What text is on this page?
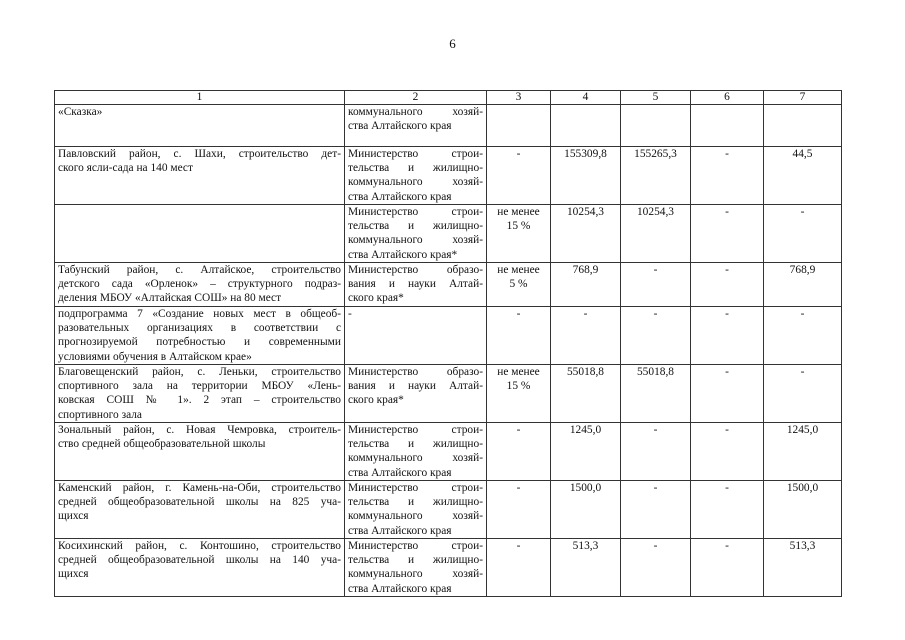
6
1	2	3	4	5	6	7

«Сказка»	коммунального хозяй-
ства Алтайского края					

Павловский район, с. Шахи, строительство дет-
ского ясли-сада на 140 мест	Министерство строи-
тельства и жилищно-
коммунального хозяй-
ства Алтайского края	-	155309,8	155265,3	-	44,5

	Министерство строи-
тельства и жилищно-
коммунального хозяй-
ства Алтайского края*	не менее
15 %	10254,3	10254,3	-	-

Табунский район, с. Алтайское, строительство
детского сада «Орленок» – структурного подраз-
деления МБОУ «Алтайская СОШ» на 80 мест	Министерство образо-
вания и науки Алтай-
ского края*	не менее
5 %	768,9	-	-	768,9

подпрограмма 7 «Создание новых мест в общеоб-
разовательных организациях в соответствии с
прогнозируемой потребностью и современными
условиями обучения в Алтайском крае»	-	-	-	-	-	-

Благовещенский район, с. Леньки, строительство
спортивного зала на территории МБОУ «Лень-
ковская СОШ № 1». 2 этап – строительство
спортивного зала	Министерство образо-
вания и науки Алтай-
ского края*	не менее
15 %	55018,8	55018,8	-	-

Зональный район, с. Новая Чемровка, строитель-
ство средней общеобразовательной школы	Министерство строи-
тельства и жилищно-
коммунального хозяй-
ства Алтайского края	-	1245,0	-	-	1245,0

Каменский район, г. Камень-на-Оби, строительство
средней общеобразовательной школы на 825 уча-
щихся	Министерство строи-
тельства и жилищно-
коммунального хозяй-
ства Алтайского края	-	1500,0	-	-	1500,0

Косихинский район, с. Контошино, строительство
средней общеобразовательной школы на 140 уча-
щихся	Министерство строи-
тельства и жилищно-
коммунального хозяй-
ства Алтайского края	-	513,3	-	-	513,3
